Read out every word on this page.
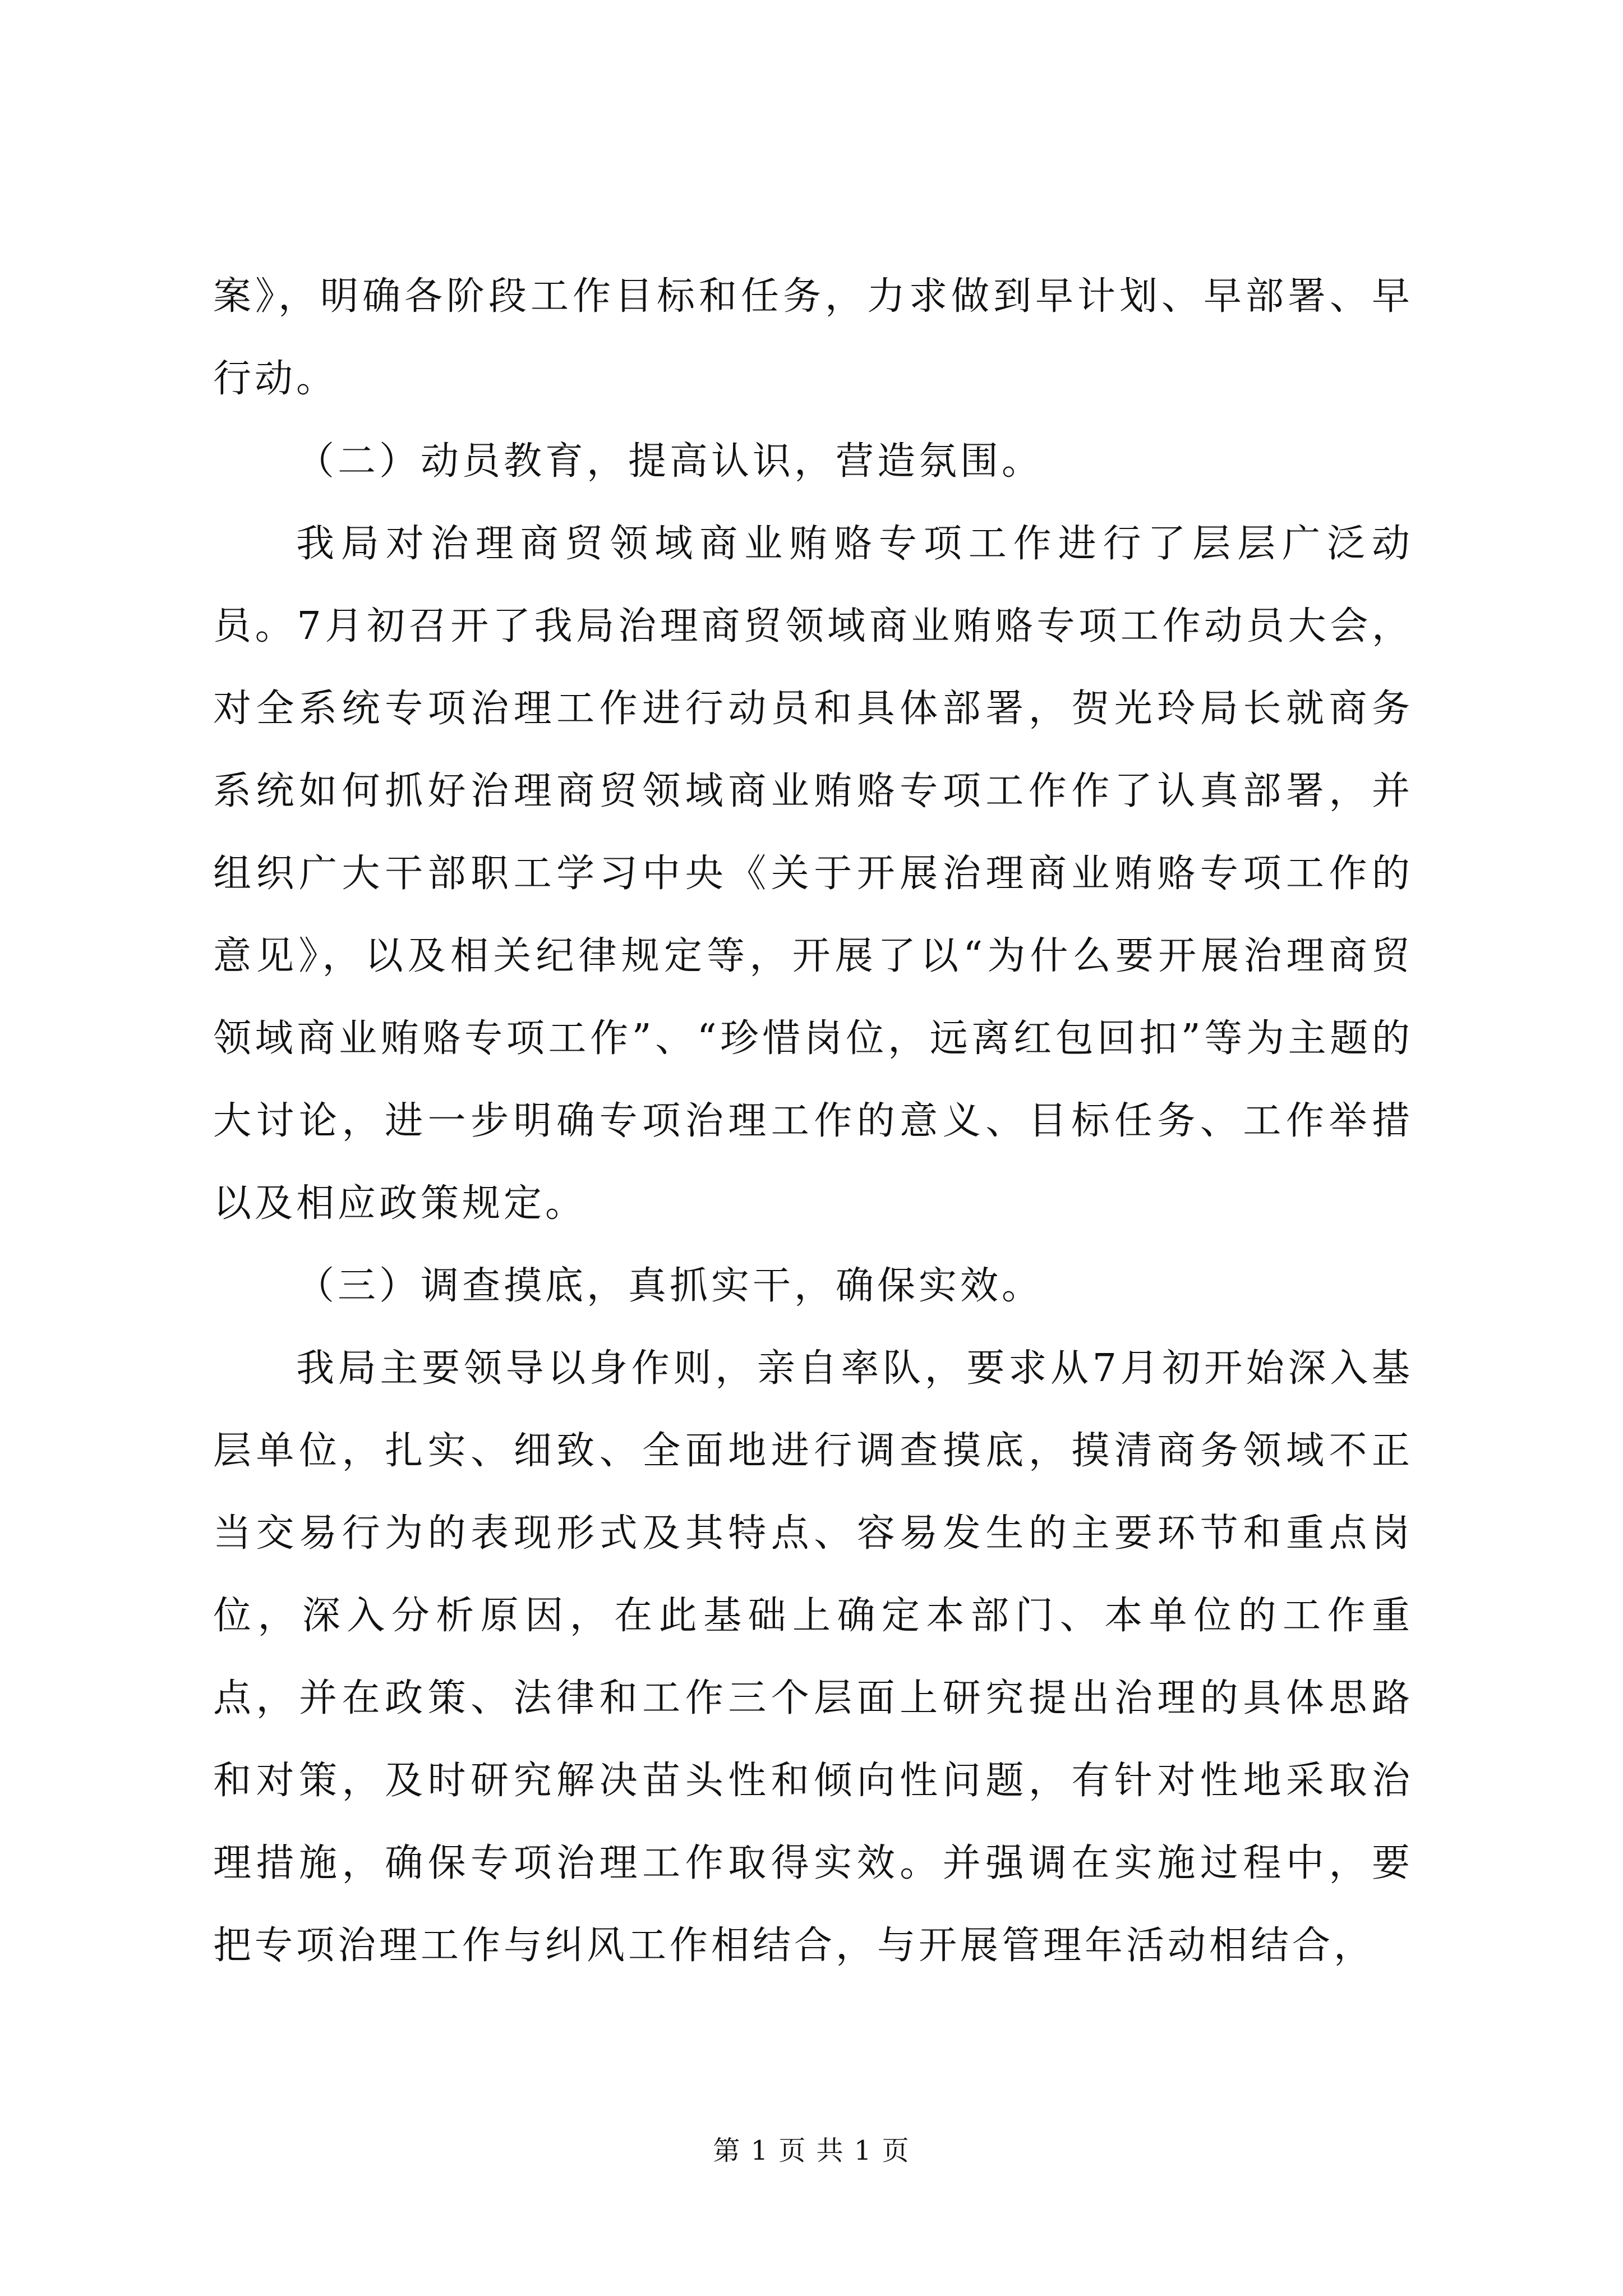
案》，明确各阶段工作目标和任务，力求做到早计划、早部署、早行动。

（二）动员教育，提高认识，营造氛围。

我局对治理商贸领域商业贿赂专项工作进行了层层广泛动员。7月初召开了我局治理商贸领域商业贿赂专项工作动员大会，对全系统专项治理工作进行动员和具体部署，贺光玲局长就商务系统如何抓好治理商贸领域商业贿赂专项工作作了认真部署，并组织广大干部职工学习中央《关于开展治理商业贿赂专项工作的意见》，以及相关纪律规定等，开展了以“为什么要开展治理商贸领域商业贿赂专项工作”、“珍惜岗位，远离红包回扣”等为主题的大讨论，进一步明确专项治理工作的意义、目标任务、工作举措以及相应政策规定。

（三）调查摸底，真抓实干，确保实效。

我局主要领导以身作则，亲自率队，要求从7月初开始深入基层单位，扎实、细致、全面地进行调查摸底，摸清商务领域不正当交易行为的表现形式及其特点、容易发生的主要环节和重点岗位，深入分析原因，在此基础上确定本部门、本单位的工作重点，并在政策、法律和工作三个层面上研究提出治理的具体思路和对策，及时研究解决苗头性和倾向性问题，有针对性地采取治理措施，确保专项治理工作取得实效。并强调在实施过程中，要把专项治理工作与纠风工作相结合，与开展管理年活动相结合，

第 1 页 共 1 页
